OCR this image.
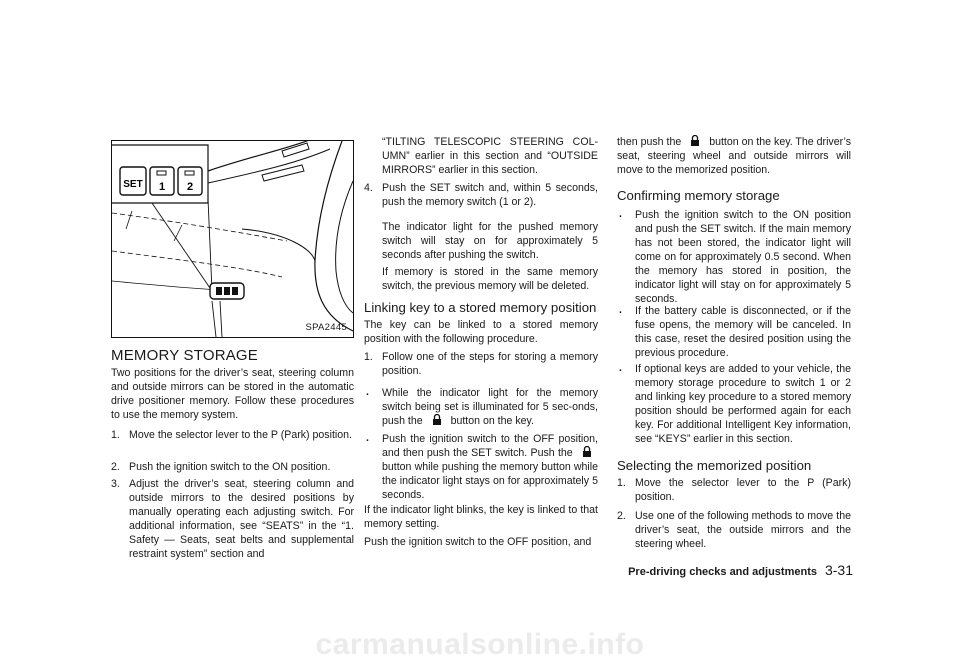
SET 1 2
SPA2445
MEMORY STORAGE

Two positions for the driver’s seat, steering column and outside mirrors can be stored in the automatic drive positioner memory. Follow these procedures to use the memory system.

1. Move the selector lever to the P (Park) position.

2. Push the ignition switch to the ON position.

3. Adjust the driver’s seat, steering column and outside mirrors to the desired positions by manually operating each adjusting switch. For additional information, see “SEATS” in the “1. Safety — Seats, seat belts and supplemental restraint system” section and

“TILTING TELESCOPIC STEERING COL-UMN” earlier in this section and “OUTSIDE MIRRORS” earlier in this section.

4. Push the SET switch and, within 5 seconds, push the memory switch (1 or 2).

The indicator light for the pushed memory switch will stay on for approximately 5 seconds after pushing the switch.

If memory is stored in the same memory switch, the previous memory will be deleted.

Linking key to a stored memory position

The key can be linked to a stored memory position with the following procedure.

1. Follow one of the steps for storing a memory position.

. While the indicator light for the memory switch being set is illuminated for 5 sec-onds, push the	button on the key.

. Push the ignition switch to the OFF position, and then push the SET switch. Push the  button while pushing the memory button while the indicator light stays on for approximately 5 seconds.

If the indicator light blinks, the key is linked to that memory setting.

Push the ignition switch to the OFF position, and

then push the	button on the key. The driver’s seat, steering wheel and outside mirrors will move to the memorized position.

Confirming memory storage

. Push the ignition switch to the ON position and push the SET switch. If the main memory has not been stored, the indicator light will come on for approximately 0.5 second. When the memory has stored in position, the indicator light will stay on for approximately 5 seconds.

. If the battery cable is disconnected, or if the fuse opens, the memory will be canceled. In this case, reset the desired position using the previous procedure.

. If optional keys are added to your vehicle, the memory storage procedure to switch 1 or 2 and linking key procedure to a stored memory position should be performed again for each key. For additional Intelligent Key information, see “KEYS” earlier in this section.

Selecting the memorized position

1. Move the selector lever to the P (Park) position.

2. Use one of the following methods to move the driver’s seat, the outside mirrors and the steering wheel.

Pre-driving checks and adjustments 3-31
carmanualsonline.info
